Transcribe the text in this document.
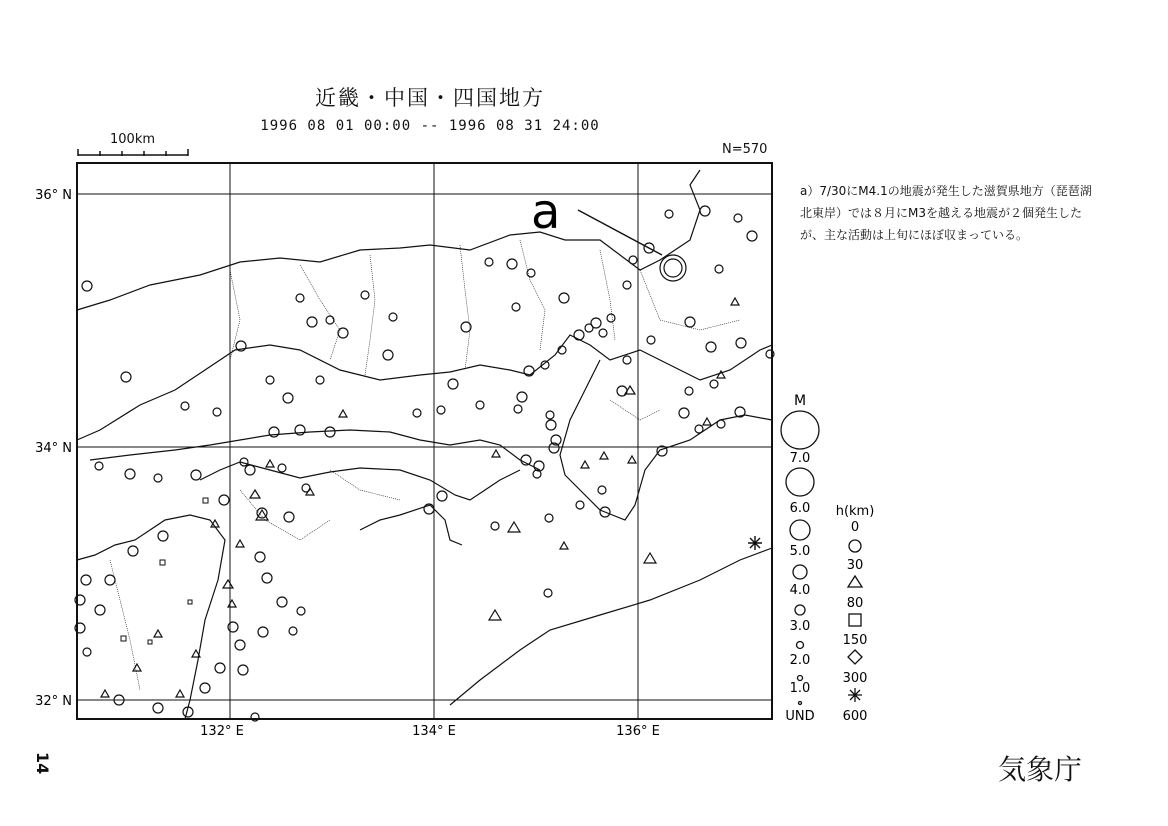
近畿・中国・四国地方
1996 08 01 00:00 -- 1996 08 31 24:00
100km
N=570
a）7/30にM4.1の地震が発生した滋賀県地方（琵琶湖北東岸）では８月にM3を越える地震が２個発生したが、主な活動は上旬にほぼ収まっている。
14	気象庁
36° N
34° N
32° N
132° E	134° E	136° E
a
M
7.0
6.0
5.0
4.0
3.0
2.0
1.0
UND
h(km)
0
30
80
150
300
600
